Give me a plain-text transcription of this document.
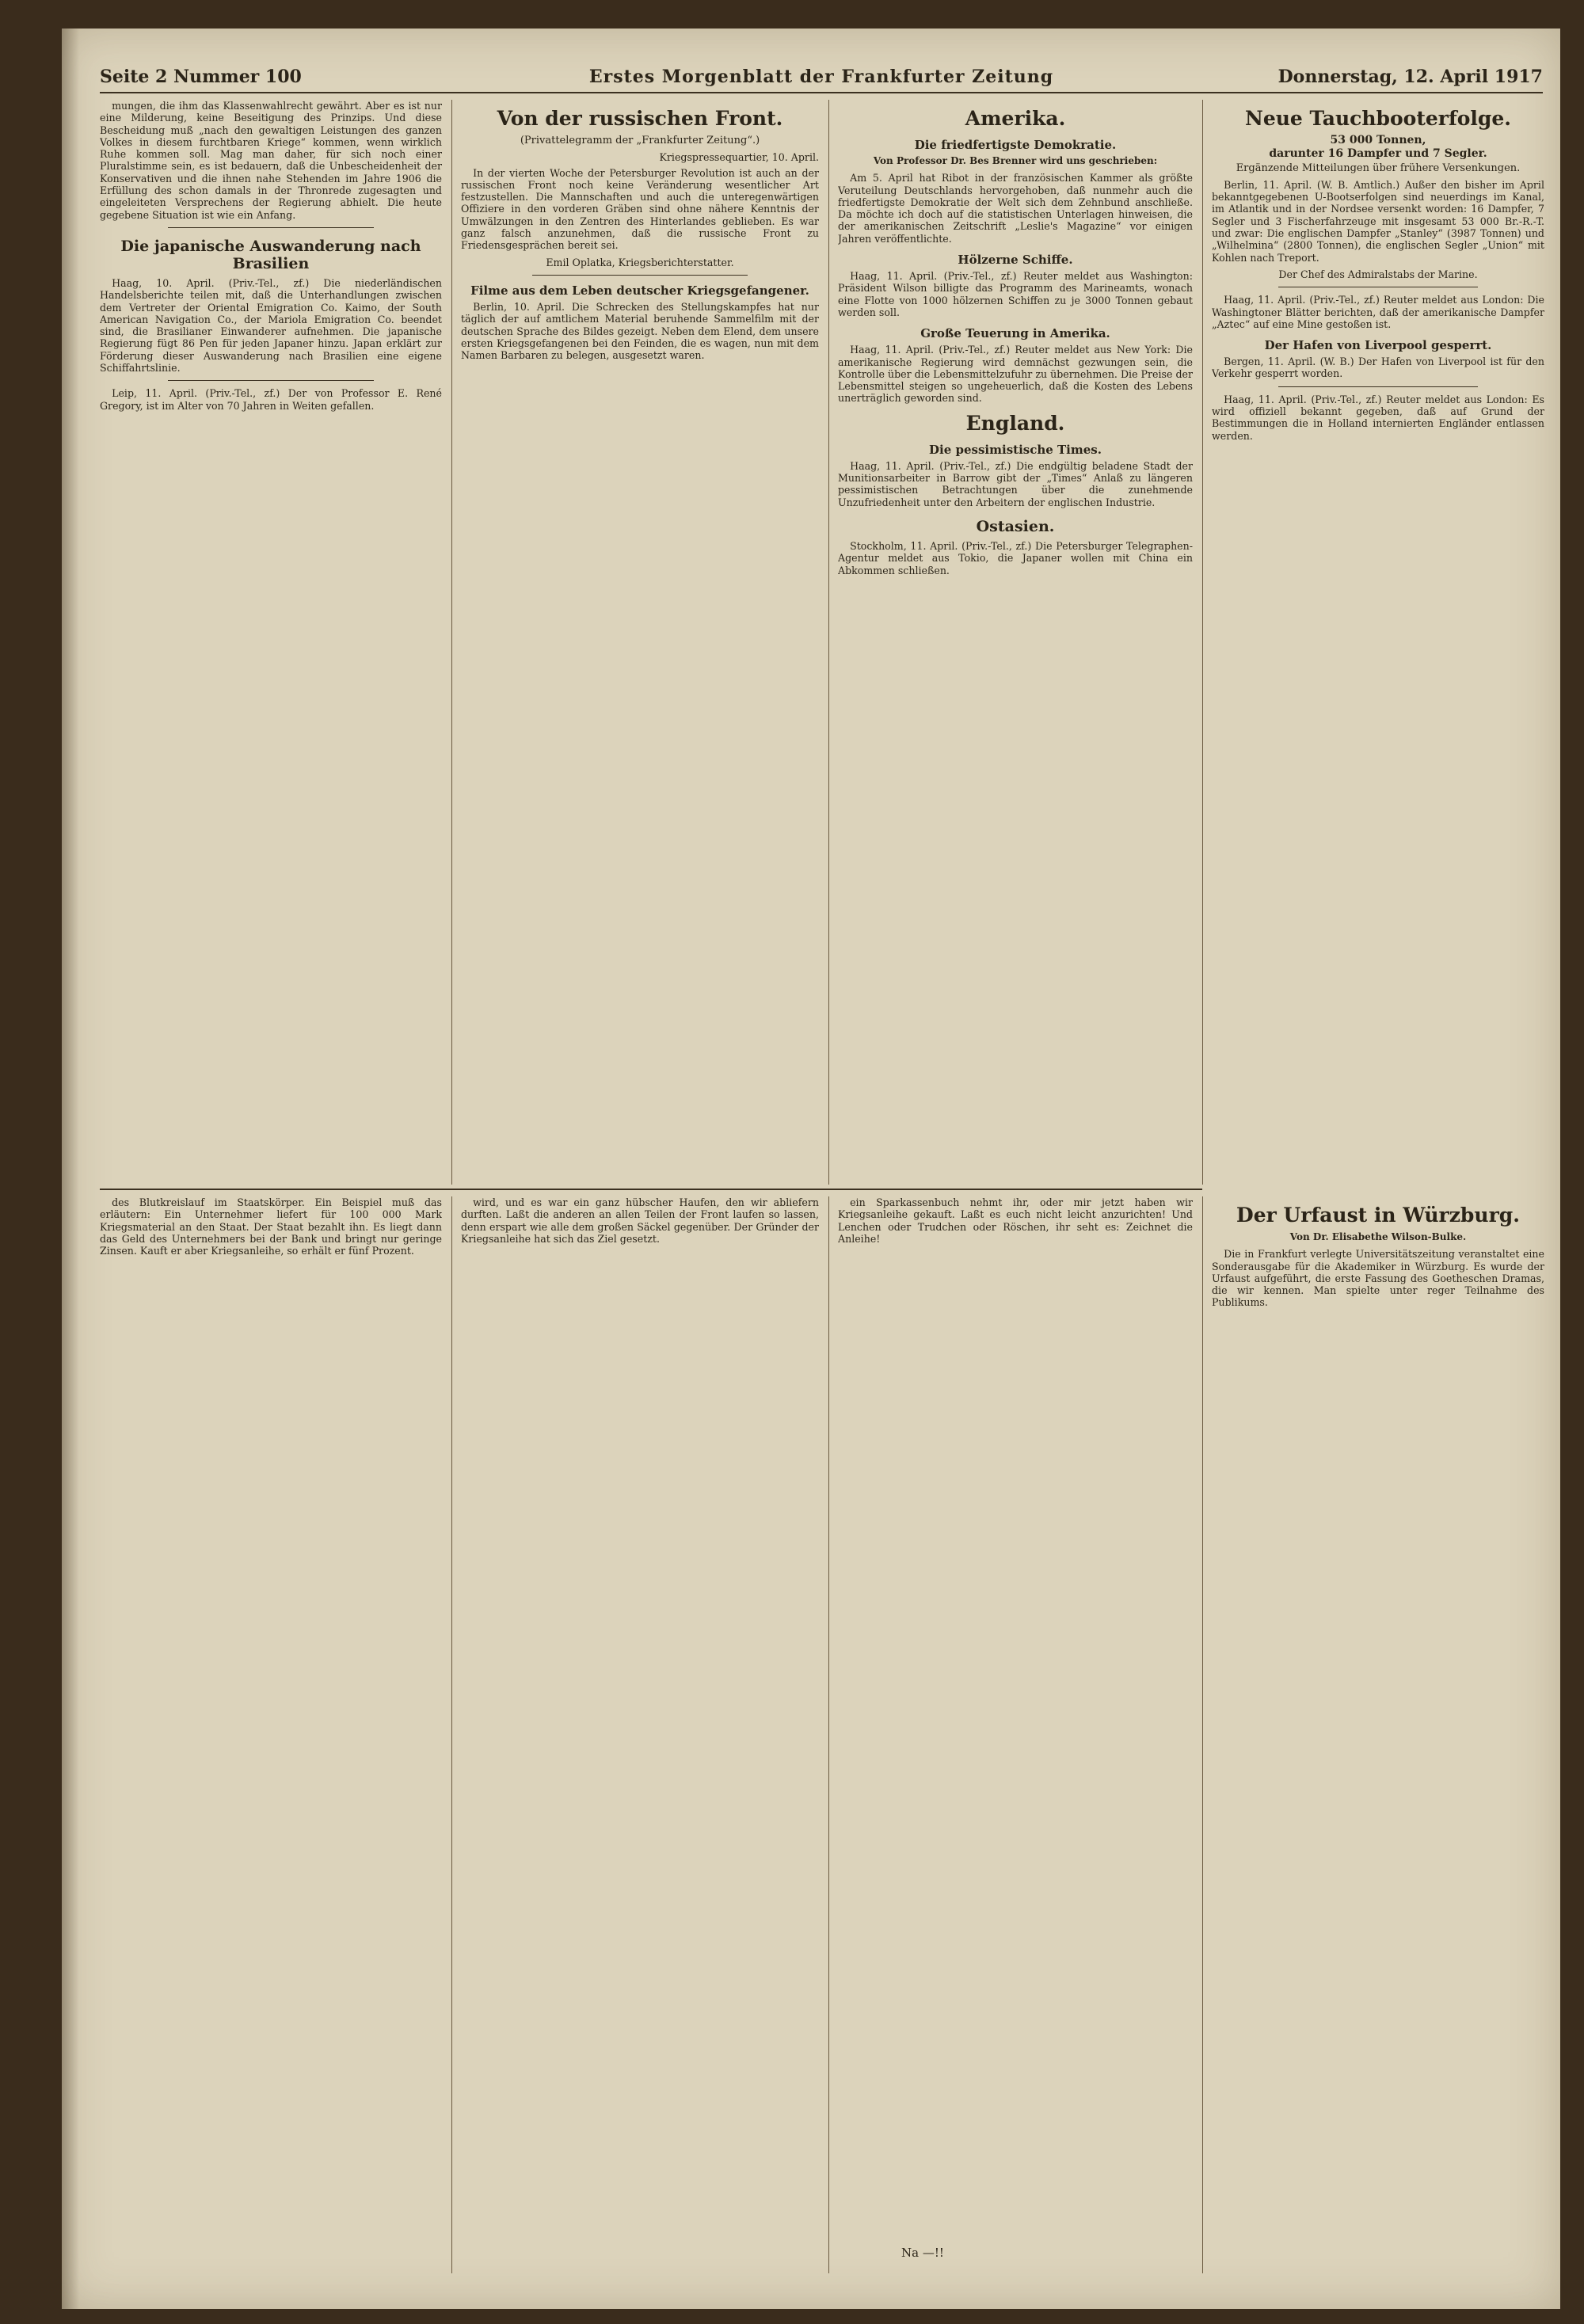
Seite 2 Nummer 100	Erstes Morgenblatt der Frankfurter Zeitung	Donnerstag, 12. April 1917

mungen, die ihm das Klassenwahlrecht gewährt. Aber es ist nur eine Milderung, keine Beseitigung des Prinzips. Und diese Bescheidung muß „nach den gewaltigen Leistungen des ganzen Volkes in diesem furchtbaren Kriege“ kommen, wenn wirklich Ruhe kommen soll. Mag man daher, für sich noch einer Pluralstimme sein, es ist bedauern, daß die Unbescheidenheit der Konservativen und die ihnen nahe Stehenden im Jahre 1906 die Erfüllung des schon damals in der Thronrede zugesagten und eingeleiteten Versprechens der Regierung abhielt. Die heute gegebene Situation ist wie ein Anfang.

Die japanische Auswanderung nach Brasilien

Haag, 10. April. (Priv.-Tel., zf.) Die niederländischen Handelsberichte teilen mit, daß die Unterhandlungen zwischen dem Vertreter der Oriental Emigration Co. Kaimo, der South American Navigation Co., der Mariola Emigration Co. beendet sind, die Brasilianer Einwanderer aufnehmen. Die japanische Regierung fügt 86 Pen für jeden Japaner hinzu. Japan erklärt zur Förderung dieser Auswanderung nach Brasilien eine eigene Schiffahrtslinie.

Leip, 11. April. (Priv.-Tel., zf.) Der von Professor E. René Gregory, ist im Alter von 70 Jahren in Weiten gefallen.

Von der russischen Front.
(Privattelegramm der „Frankfurter Zeitung“.)
Kriegspressequartier, 10. April.

In der vierten Woche der Petersburger Revolution ist auch an der russischen Front noch keine Veränderung wesentlicher Art festzustellen. Die Mannschaften und auch die unteregenwärtigen Offiziere in den vorderen Gräben sind ohne nähere Kenntnis der Umwälzungen in den Zentren des Hinterlandes geblieben. Es war ganz falsch anzunehmen, daß die russische Front zu Friedensgesprächen bereit sei.

Emil Oplatka, Kriegsberichterstatter.
Filme aus dem Leben deutscher Kriegsgefangener.

Berlin, 10. April. Die Schrecken des Stellungskampfes hat nur täglich der auf amtlichem Material beruhende Sammelfilm mit der deutschen Sprache des Bildes gezeigt. Neben dem Elend, dem unsere ersten Kriegsgefangenen bei den Feinden, die es wagen, nun mit dem Namen Barbaren zu belegen, ausgesetzt waren.

Amerika.
Die friedfertigste Demokratie.
Von Professor Dr. Bes Brenner wird uns geschrieben:

Am 5. April hat Ribot in der französischen Kammer als größte Veruteilung Deutschlands hervorgehoben, daß nunmehr auch die friedfertigste Demokratie der Welt sich dem Zehnbund anschließe. Da möchte ich doch auf die statistischen Unterlagen hinweisen, die der amerikanischen Zeitschrift „Leslie's Magazine“ vor einigen Jahren veröffentlichte.

Hölzerne Schiffe.

Haag, 11. April. (Priv.-Tel., zf.) Reuter meldet aus Washington: Präsident Wilson billigte das Programm des Marineamts, wonach eine Flotte von 1000 hölzernen Schiffen zu je 3000 Tonnen gebaut werden soll.

Große Teuerung in Amerika.

Haag, 11. April. (Priv.-Tel., zf.) Reuter meldet aus New York: Die amerikanische Regierung wird demnächst gezwungen sein, die Kontrolle über die Lebensmittelzufuhr zu übernehmen. Die Preise der Lebensmittel steigen so ungeheuerlich, daß die Kosten des Lebens unerträglich geworden sind.

England.
Die pessimistische Times.

Haag, 11. April. (Priv.-Tel., zf.) Die endgültig beladene Stadt der Munitionsarbeiter in Barrow gibt der „Times“ Anlaß zu längeren pessimistischen Betrachtungen über die zunehmende Unzufriedenheit unter den Arbeitern der englischen Industrie.

Ostasien.

Stockholm, 11. April. (Priv.-Tel., zf.) Die Petersburger Telegraphen-Agentur meldet aus Tokio, die Japaner wollen mit China ein Abkommen schließen.

Neue Tauchbooterfolge.
53 000 Tonnen,
darunter 16 Dampfer und 7 Segler.
Ergänzende Mitteilungen über frühere Versenkungen.

Berlin, 11. April. (W. B. Amtlich.) Außer den bisher im April bekanntgegebenen U-Bootserfolgen sind neuerdings im Kanal, im Atlantik und in der Nordsee versenkt worden: 16 Dampfer, 7 Segler und 3 Fischerfahrzeuge mit insgesamt 53 000 Br.-R.-T. und zwar: Die englischen Dampfer „Stanley“ (3987 Tonnen) und „Wilhelmina“ (2800 Tonnen), die englischen Segler „Union“ mit Kohlen nach Treport.

Der Chef des Admiralstabs der Marine.

Haag, 11. April. (Priv.-Tel., zf.) Reuter meldet aus London: Die Washingtoner Blätter berichten, daß der amerikanische Dampfer „Aztec“ auf eine Mine gestoßen ist.

Der Hafen von Liverpool gesperrt.

Bergen, 11. April. (W. B.) Der Hafen von Liverpool ist für den Verkehr gesperrt worden.

Haag, 11. April. (Priv.-Tel., zf.) Reuter meldet aus London: Es wird offiziell bekannt gegeben, daß auf Grund der Bestimmungen die in Holland internierten Engländer entlassen werden.

des Blutkreislauf im Staatskörper. Ein Beispiel muß das erläutern: Ein Unternehmer liefert für 100 000 Mark Kriegsmaterial an den Staat. Der Staat bezahlt ihn. Es liegt dann das Geld des Unternehmers bei der Bank und bringt nur geringe Zinsen. Kauft er aber Kriegsanleihe, so erhält er fünf Prozent.

wird, und es war ein ganz hübscher Haufen, den wir abliefern durften. Laßt die anderen an allen Teilen der Front laufen so lassen, denn erspart wie alle dem großen Säckel gegenüber. Der Gründer der Kriegsanleihe hat sich das Ziel gesetzt.

ein Sparkassenbuch nehmt ihr, oder mir jetzt haben wir Kriegsanleihe gekauft. Laßt es euch nicht leicht anzurichten! Und Lenchen oder Trudchen oder Röschen, ihr seht es: Zeichnet die Anleihe!

Der Urfaust in Würzburg.
Von Dr. Elisabethe Wilson-Bulke.

Die in Frankfurt verlegte Universitätszeitung veranstaltet eine Sonderausgabe für die Akademiker in Würzburg. Es wurde der Urfaust aufgeführt, die erste Fassung des Goetheschen Dramas, die wir kennen. Man spielte unter reger Teilnahme des Publikums.

Na —!!
